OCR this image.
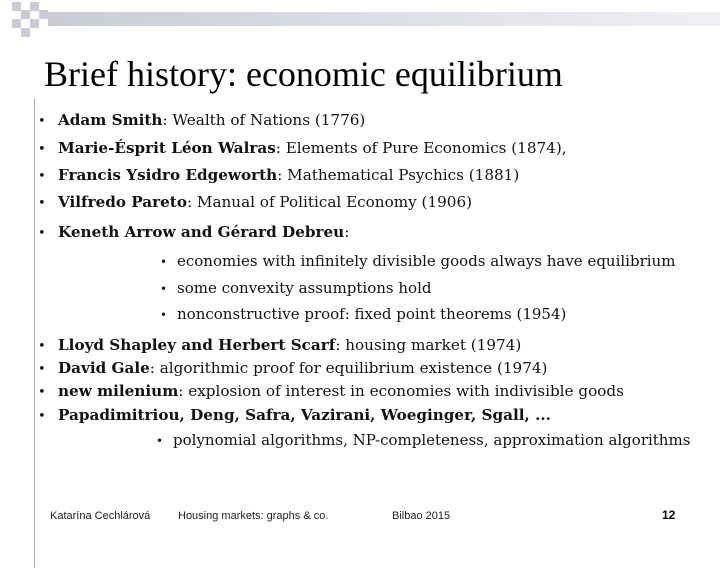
Brief history: economic equilibrium
• Adam Smith: Wealth of Nations (1776)
• Marie-Ésprit Léon Walras: Elements of Pure Economics (1874),
• Francis Ysidro Edgeworth: Mathematical Psychics (1881)
• Vilfredo Pareto: Manual of Political Economy (1906)
• Keneth Arrow and Gérard Debreu:
• economies with infinitely divisible goods always have equilibrium
• some convexity assumptions hold
• nonconstructive proof: fixed point theorems (1954)
• Lloyd Shapley and Herbert Scarf: housing market (1974)
• David Gale: algorithmic proof for equilibrium existence (1974)
• new milenium: explosion of interest in economies with indivisible goods
• Papadimitriou, Deng, Safra, Vazirani, Woeginger, Sgall, ...
• polynomial algorithms, NP-completeness, approximation algorithms
Katarína Cechlárová	Housing markets: graphs & co.	Bilbao 2015	12
